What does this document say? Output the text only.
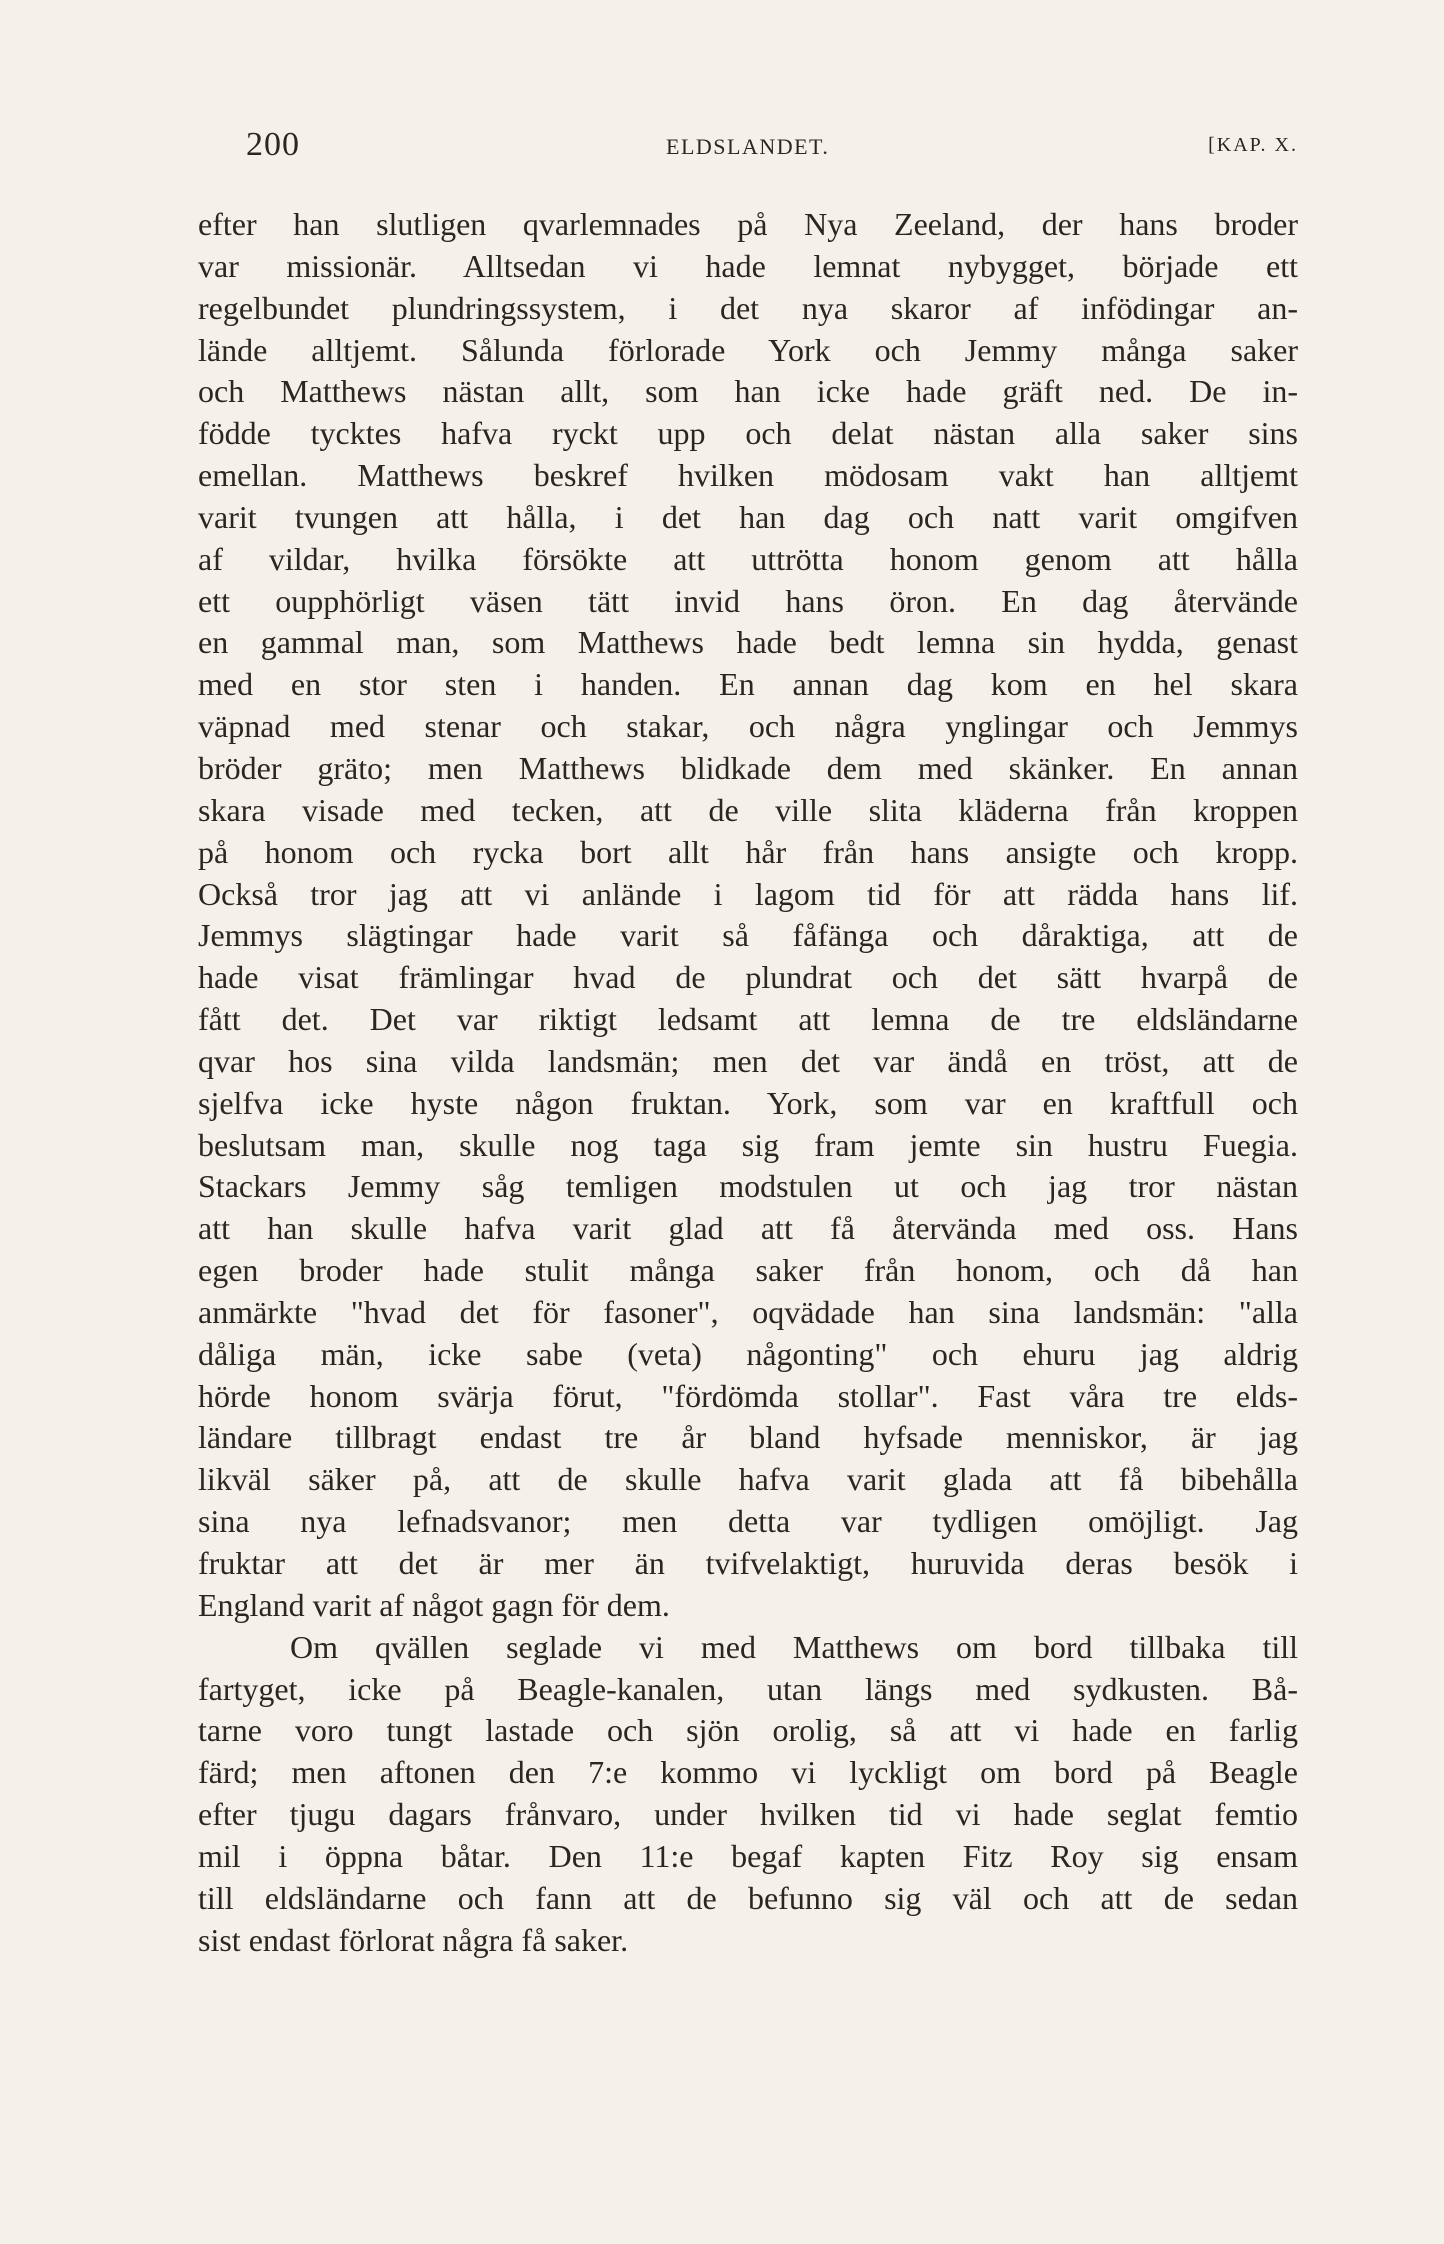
200	ELDSLANDET.	[KAP. X.
efter han slutligen qvarlemnades på Nya Zeeland, der hans broder
var missionär. Alltsedan vi hade lemnat nybygget, började ett
regelbundet plundringssystem, i det nya skaror af infödingar an-
lände alltjemt. Sålunda förlorade York och Jemmy många saker
och Matthews nästan allt, som han icke hade gräft ned. De in-
födde tycktes hafva ryckt upp och delat nästan alla saker sins
emellan. Matthews beskref hvilken mödosam vakt han alltjemt
varit tvungen att hålla, i det han dag och natt varit omgifven
af vildar, hvilka försökte att uttrötta honom genom att hålla
ett oupphörligt väsen tätt invid hans öron. En dag återvände
en gammal man, som Matthews hade bedt lemna sin hydda, genast
med en stor sten i handen. En annan dag kom en hel skara
väpnad med stenar och stakar, och några ynglingar och Jemmys
bröder gräto; men Matthews blidkade dem med skänker. En annan
skara visade med tecken, att de ville slita kläderna från kroppen
på honom och rycka bort allt hår från hans ansigte och kropp.
Också tror jag att vi anlände i lagom tid för att rädda hans lif.
Jemmys slägtingar hade varit så fåfänga och dåraktiga, att de
hade visat främlingar hvad de plundrat och det sätt hvarpå de
fått det. Det var riktigt ledsamt att lemna de tre eldsländarne
qvar hos sina vilda landsmän; men det var ändå en tröst, att de
sjelfva icke hyste någon fruktan. York, som var en kraftfull och
beslutsam man, skulle nog taga sig fram jemte sin hustru Fuegia.
Stackars Jemmy såg temligen modstulen ut och jag tror nästan
att han skulle hafva varit glad att få återvända med oss. Hans
egen broder hade stulit många saker från honom, och då han
anmärkte "hvad det för fasoner", oqvädade han sina landsmän: "alla
dåliga män, icke sabe (veta) någonting" och ehuru jag aldrig
hörde honom svärja förut, "fördömda stollar". Fast våra tre elds-
ländare tillbragt endast tre år bland hyfsade menniskor, är jag
likväl säker på, att de skulle hafva varit glada att få bibehålla
sina nya lefnadsvanor; men detta var tydligen omöjligt. Jag
fruktar att det är mer än tvifvelaktigt, huruvida deras besök i
England varit af något gagn för dem.
Om qvällen seglade vi med Matthews om bord tillbaka till
fartyget, icke på Beagle-kanalen, utan längs med sydkusten. Bå-
tarne voro tungt lastade och sjön orolig, så att vi hade en farlig
färd; men aftonen den 7:e kommo vi lyckligt om bord på Beagle
efter tjugu dagars frånvaro, under hvilken tid vi hade seglat femtio
mil i öppna båtar. Den 11:e begaf kapten Fitz Roy sig ensam
till eldsländarne och fann att de befunno sig väl och att de sedan
sist endast förlorat några få saker.
